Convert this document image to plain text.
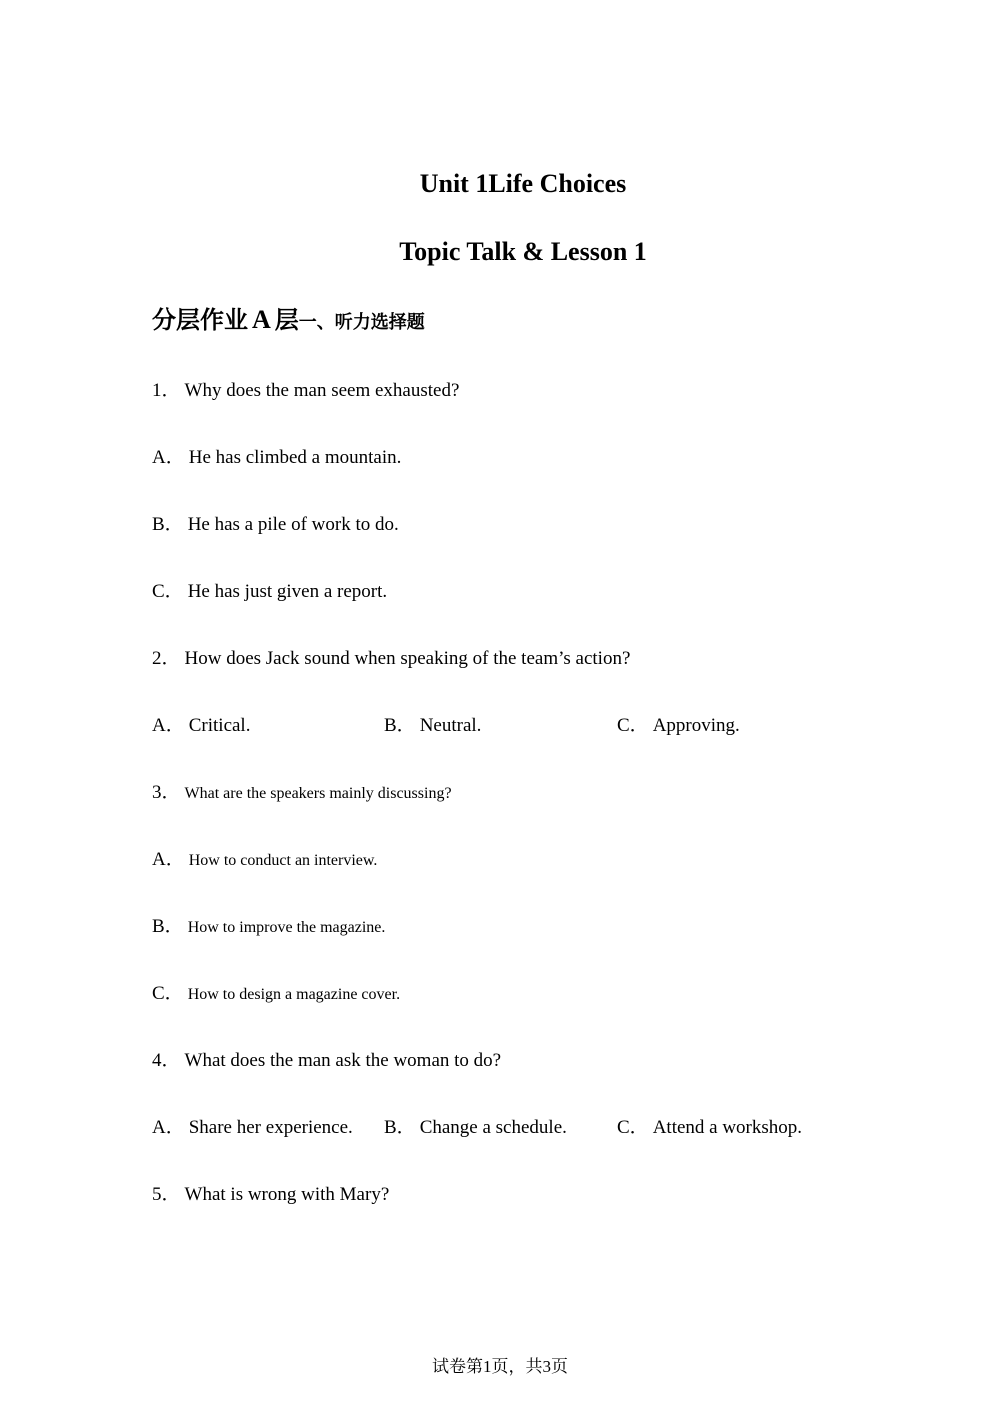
Unit 1Life Choices
Topic Talk & Lesson 1
分层作业 A 层一、听力选择题

1． Why does the man seem exhausted?

A． He has climbed a mountain.

B． He has a pile of work to do.

C． He has just given a report.

2． How does Jack sound when speaking of the team’s action?

A． Critical.	B． Neutral.	C． Approving.

3． What are the speakers mainly discussing?

A． How to conduct an interview.

B． How to improve the magazine.

C． How to design a magazine cover.

4． What does the man ask the woman to do?

A． Share her experience. B． Change a schedule.	C． Attend a workshop.

5． What is wrong with Mary?

试卷第1页，共3页
